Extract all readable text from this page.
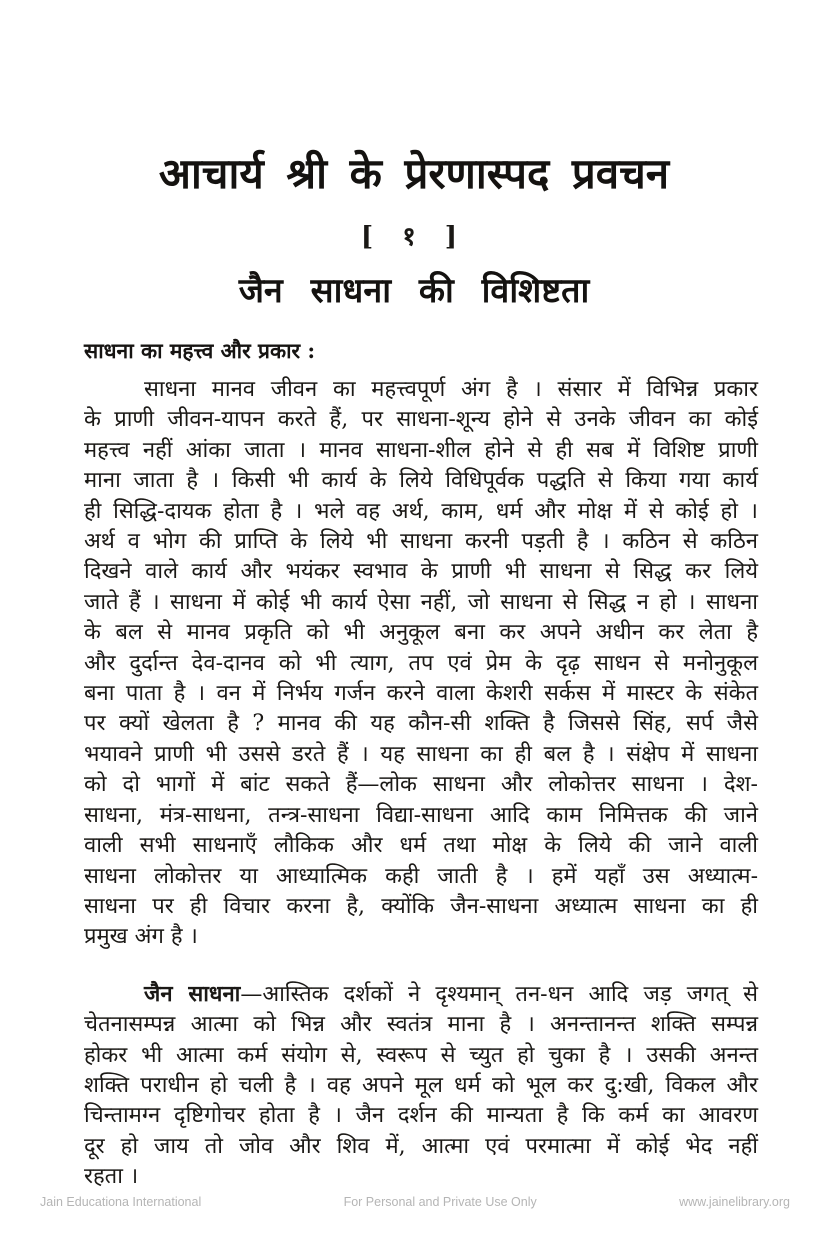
आचार्य श्री के प्रेरणास्पद प्रवचन
[ १ ]
जैन साधना की विशिष्टता
साधना का महत्त्व और प्रकार :
साधना मानव जीवन का महत्त्वपूर्ण अंग है । संसार में विभिन्न प्रकार
के प्राणी जीवन-यापन करते हैं, पर साधना-शून्य होने से उनके जीवन का कोई
महत्त्व नहीं आंका जाता । मानव साधना-शील होने से ही सब में विशिष्ट प्राणी
माना जाता है । किसी भी कार्य के लिये विधिपूर्वक पद्धति से किया गया कार्य
ही सिद्धि-दायक होता है । भले वह अर्थ, काम, धर्म और मोक्ष में से कोई हो ।
अर्थ व भोग की प्राप्ति के लिये भी साधना करनी पड़ती है । कठिन से कठिन
दिखने वाले कार्य और भयंकर स्वभाव के प्राणी भी साधना से सिद्ध कर लिये
जाते हैं । साधना में कोई भी कार्य ऐसा नहीं, जो साधना से सिद्ध न हो । साधना
के बल से मानव प्रकृति को भी अनुकूल बना कर अपने अधीन कर लेता है
और दुर्दान्त देव-दानव को भी त्याग, तप एवं प्रेम के दृढ़ साधन से मनोनुकूल
बना पाता है । वन में निर्भय गर्जन करने वाला केशरी सर्कस में मास्टर के संकेत
पर क्यों खेलता है ? मानव की यह कौन-सी शक्ति है जिससे सिंह, सर्प जैसे
भयावने प्राणी भी उससे डरते हैं । यह साधना का ही बल है । संक्षेप में साधना
को दो भागों में बांट सकते हैं—लोक साधना और लोकोत्तर साधना । देश-
साधना, मंत्र-साधना, तन्त्र-साधना विद्या-साधना आदि काम निमित्तक की जाने
वाली सभी साधनाएँ लौकिक और धर्म तथा मोक्ष के लिये की जाने वाली
साधना लोकोत्तर या आध्यात्मिक कही जाती है । हमें यहाँ उस अध्यात्म-
साधना पर ही विचार करना है, क्योंकि जैन-साधना अध्यात्म साधना का ही
प्रमुख अंग है ।
जैन साधना—आस्तिक दर्शकों ने दृश्यमान् तन-धन आदि जड़ जगत् से
चेतनासम्पन्न आत्मा को भिन्न और स्वतंत्र माना है । अनन्तानन्त शक्ति सम्पन्न
होकर भी आत्मा कर्म संयोग से, स्वरूप से च्युत हो चुका है । उसकी अनन्त
शक्ति पराधीन हो चली है । वह अपने मूल धर्म को भूल कर दु:खी, विकल और
चिन्तामग्न दृष्टिगोचर होता है । जैन दर्शन की मान्यता है कि कर्म का आवरण
दूर हो जाय तो जोव और शिव में, आत्मा एवं परमात्मा में कोई भेद नहीं
रहता ।
Jain Educationa International	For Personal and Private Use Only	www.jainelibrary.org
